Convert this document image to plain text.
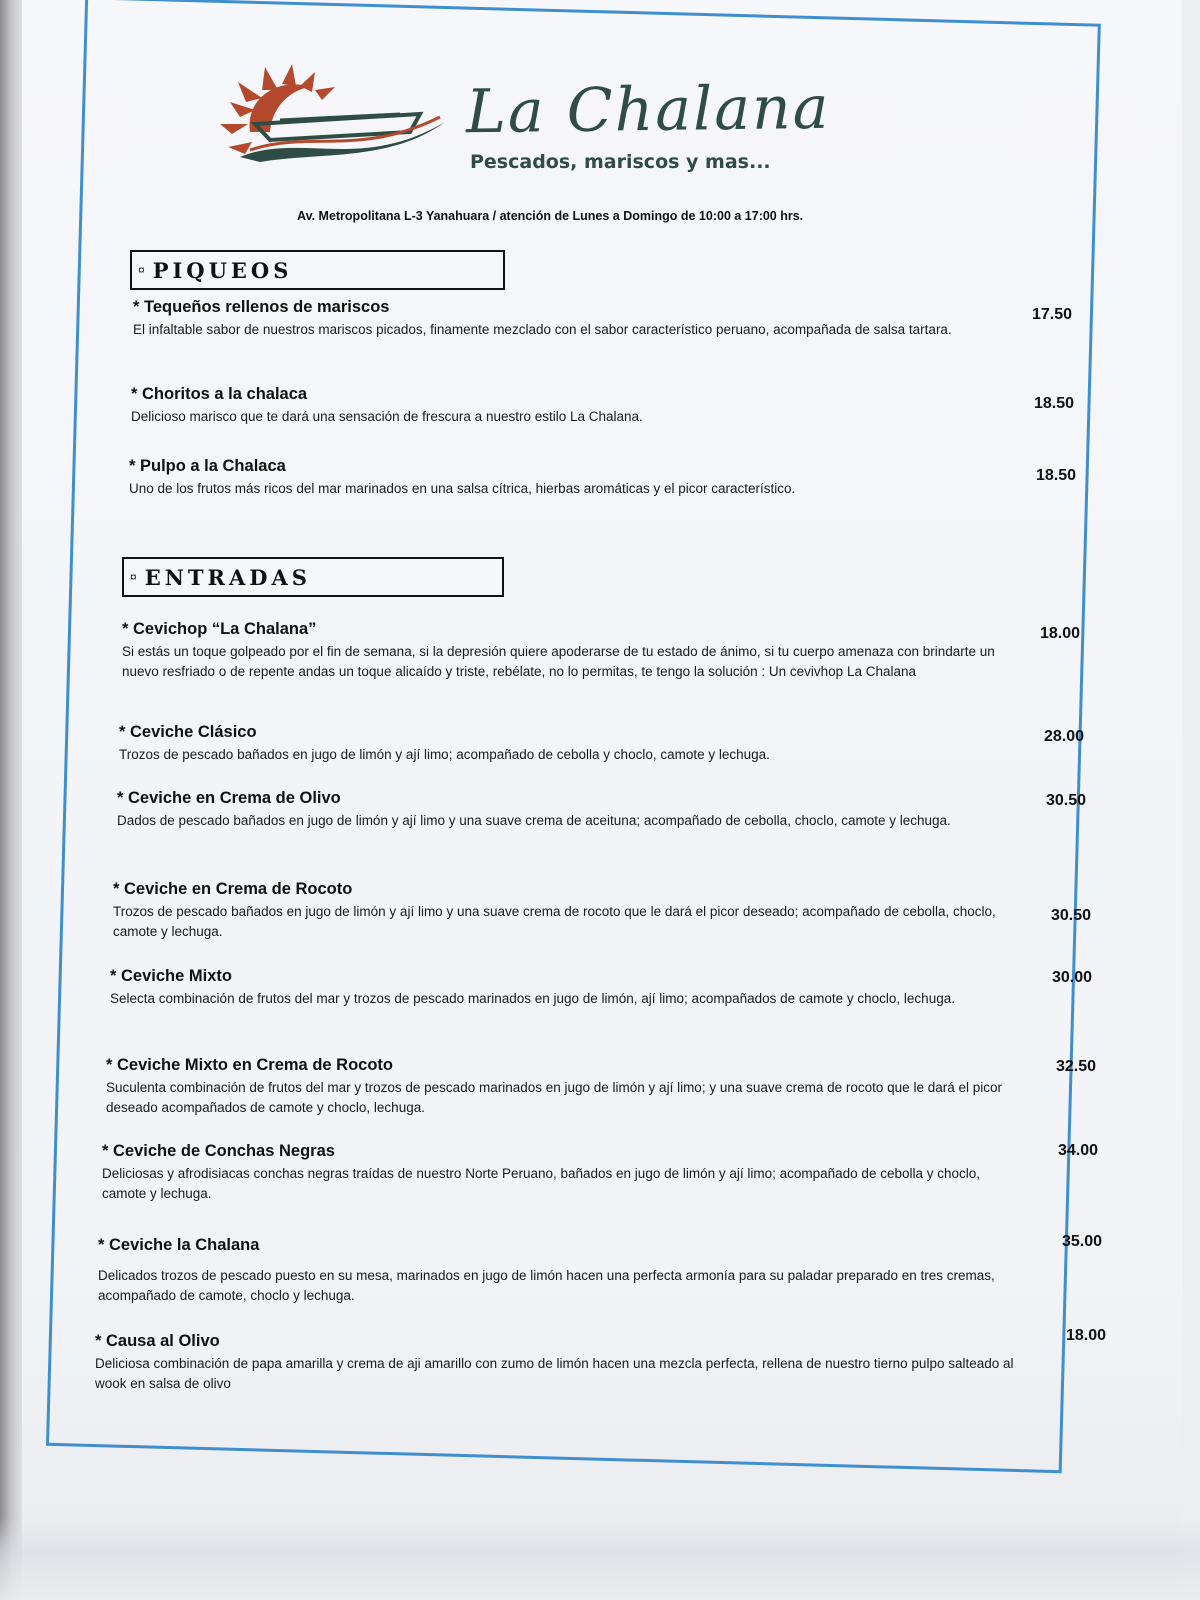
La Chalana
Pescados, mariscos y mas...
Av. Metropolitana L-3 Yanahuara / atención de Lunes a Domingo de 10:00 a 17:00 hrs.
¤ PIQUEOS
* Tequeños rellenos de mariscos
El infaltable sabor de nuestros mariscos picados, finamente mezclado con el sabor característico peruano, acompañada de salsa tartara.
17.50
* Choritos a la chalaca
Delicioso marisco que te dará una sensación de frescura a nuestro estilo La Chalana.
18.50
* Pulpo a la Chalaca
Uno de los frutos más ricos del mar marinados en una salsa cítrica, hierbas aromáticas y el picor característico.
18.50
¤ ENTRADAS
* Cevichop “La Chalana”
Si estás un toque golpeado por el fin de semana, si la depresión quiere apoderarse de tu estado de ánimo, si tu cuerpo amenaza con brindarte un nuevo resfriado o de repente andas un toque alicaído y triste, rebélate, no lo permitas, te tengo la solución : Un cevivhop La Chalana
18.00
* Ceviche Clásico
Trozos de pescado bañados en jugo de limón y ají limo; acompañado de cebolla y choclo, camote y lechuga.
28.00
* Ceviche en Crema de Olivo
Dados de pescado bañados en jugo de limón y ají limo y una suave crema de aceituna; acompañado de cebolla, choclo, camote y lechuga.
30.50
* Ceviche en Crema de Rocoto
Trozos de pescado bañados en jugo de limón y ají limo y una suave crema de rocoto que le dará el picor deseado; acompañado de cebolla, choclo, camote y lechuga.
30.50
* Ceviche Mixto
Selecta combinación de frutos del mar y trozos de pescado marinados en jugo de limón, ají limo; acompañados de camote y choclo, lechuga.
30.00
* Ceviche Mixto en Crema de Rocoto
Suculenta combinación de frutos del mar y trozos de pescado marinados en jugo de limón y ají limo; y una suave crema de rocoto que le dará el picor deseado acompañados de camote y choclo, lechuga.
32.50
* Ceviche de Conchas Negras
Deliciosas y afrodisiacas conchas negras traídas de nuestro Norte Peruano, bañados en jugo de limón y ají limo; acompañado de cebolla y choclo, camote y lechuga.
34.00
* Ceviche la Chalana
Delicados trozos de pescado puesto en su mesa, marinados en jugo de limón hacen una perfecta armonía para su paladar preparado en tres cremas, acompañado de camote, choclo y lechuga.
35.00
* Causa al Olivo
Deliciosa combinación de papa amarilla y crema de aji amarillo con zumo de limón hacen una mezcla perfecta, rellena de nuestro tierno pulpo salteado al wook en salsa de olivo
18.00
